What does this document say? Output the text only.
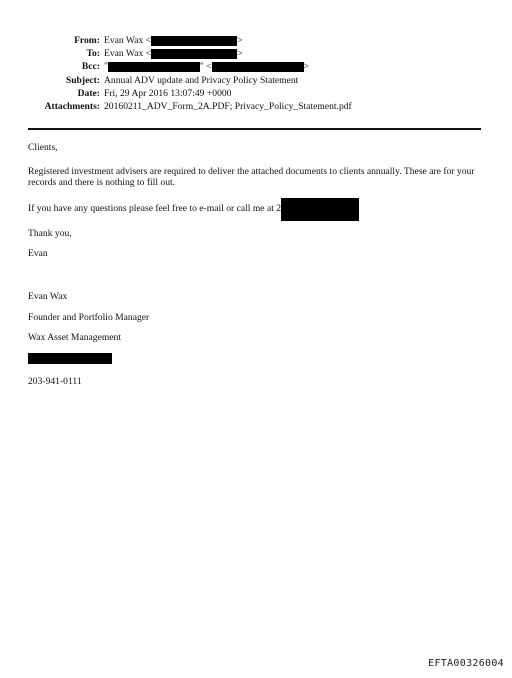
From: Evan Wax <	>
To: Evan Wax <	>
Bcc: "	" <	>
Subject: Annual ADV update and Privacy Policy Statement
Date: Fri, 29 Apr 2016 13:07:49 +0000
Attachments: 20160211_ADV_Form_2A.PDF; Privacy_Policy_Statement.pdf

Clients,

Registered investment advisers are required to deliver the attached documents to clients annually. These are for your records and there is nothing to fill out.

If you have any questions please feel free to e-mail or call me at 2

Thank you,

Evan

Evan Wax

Founder and Portfolio Manager

Wax Asset Management

203-941-0111

EFTA00326004
